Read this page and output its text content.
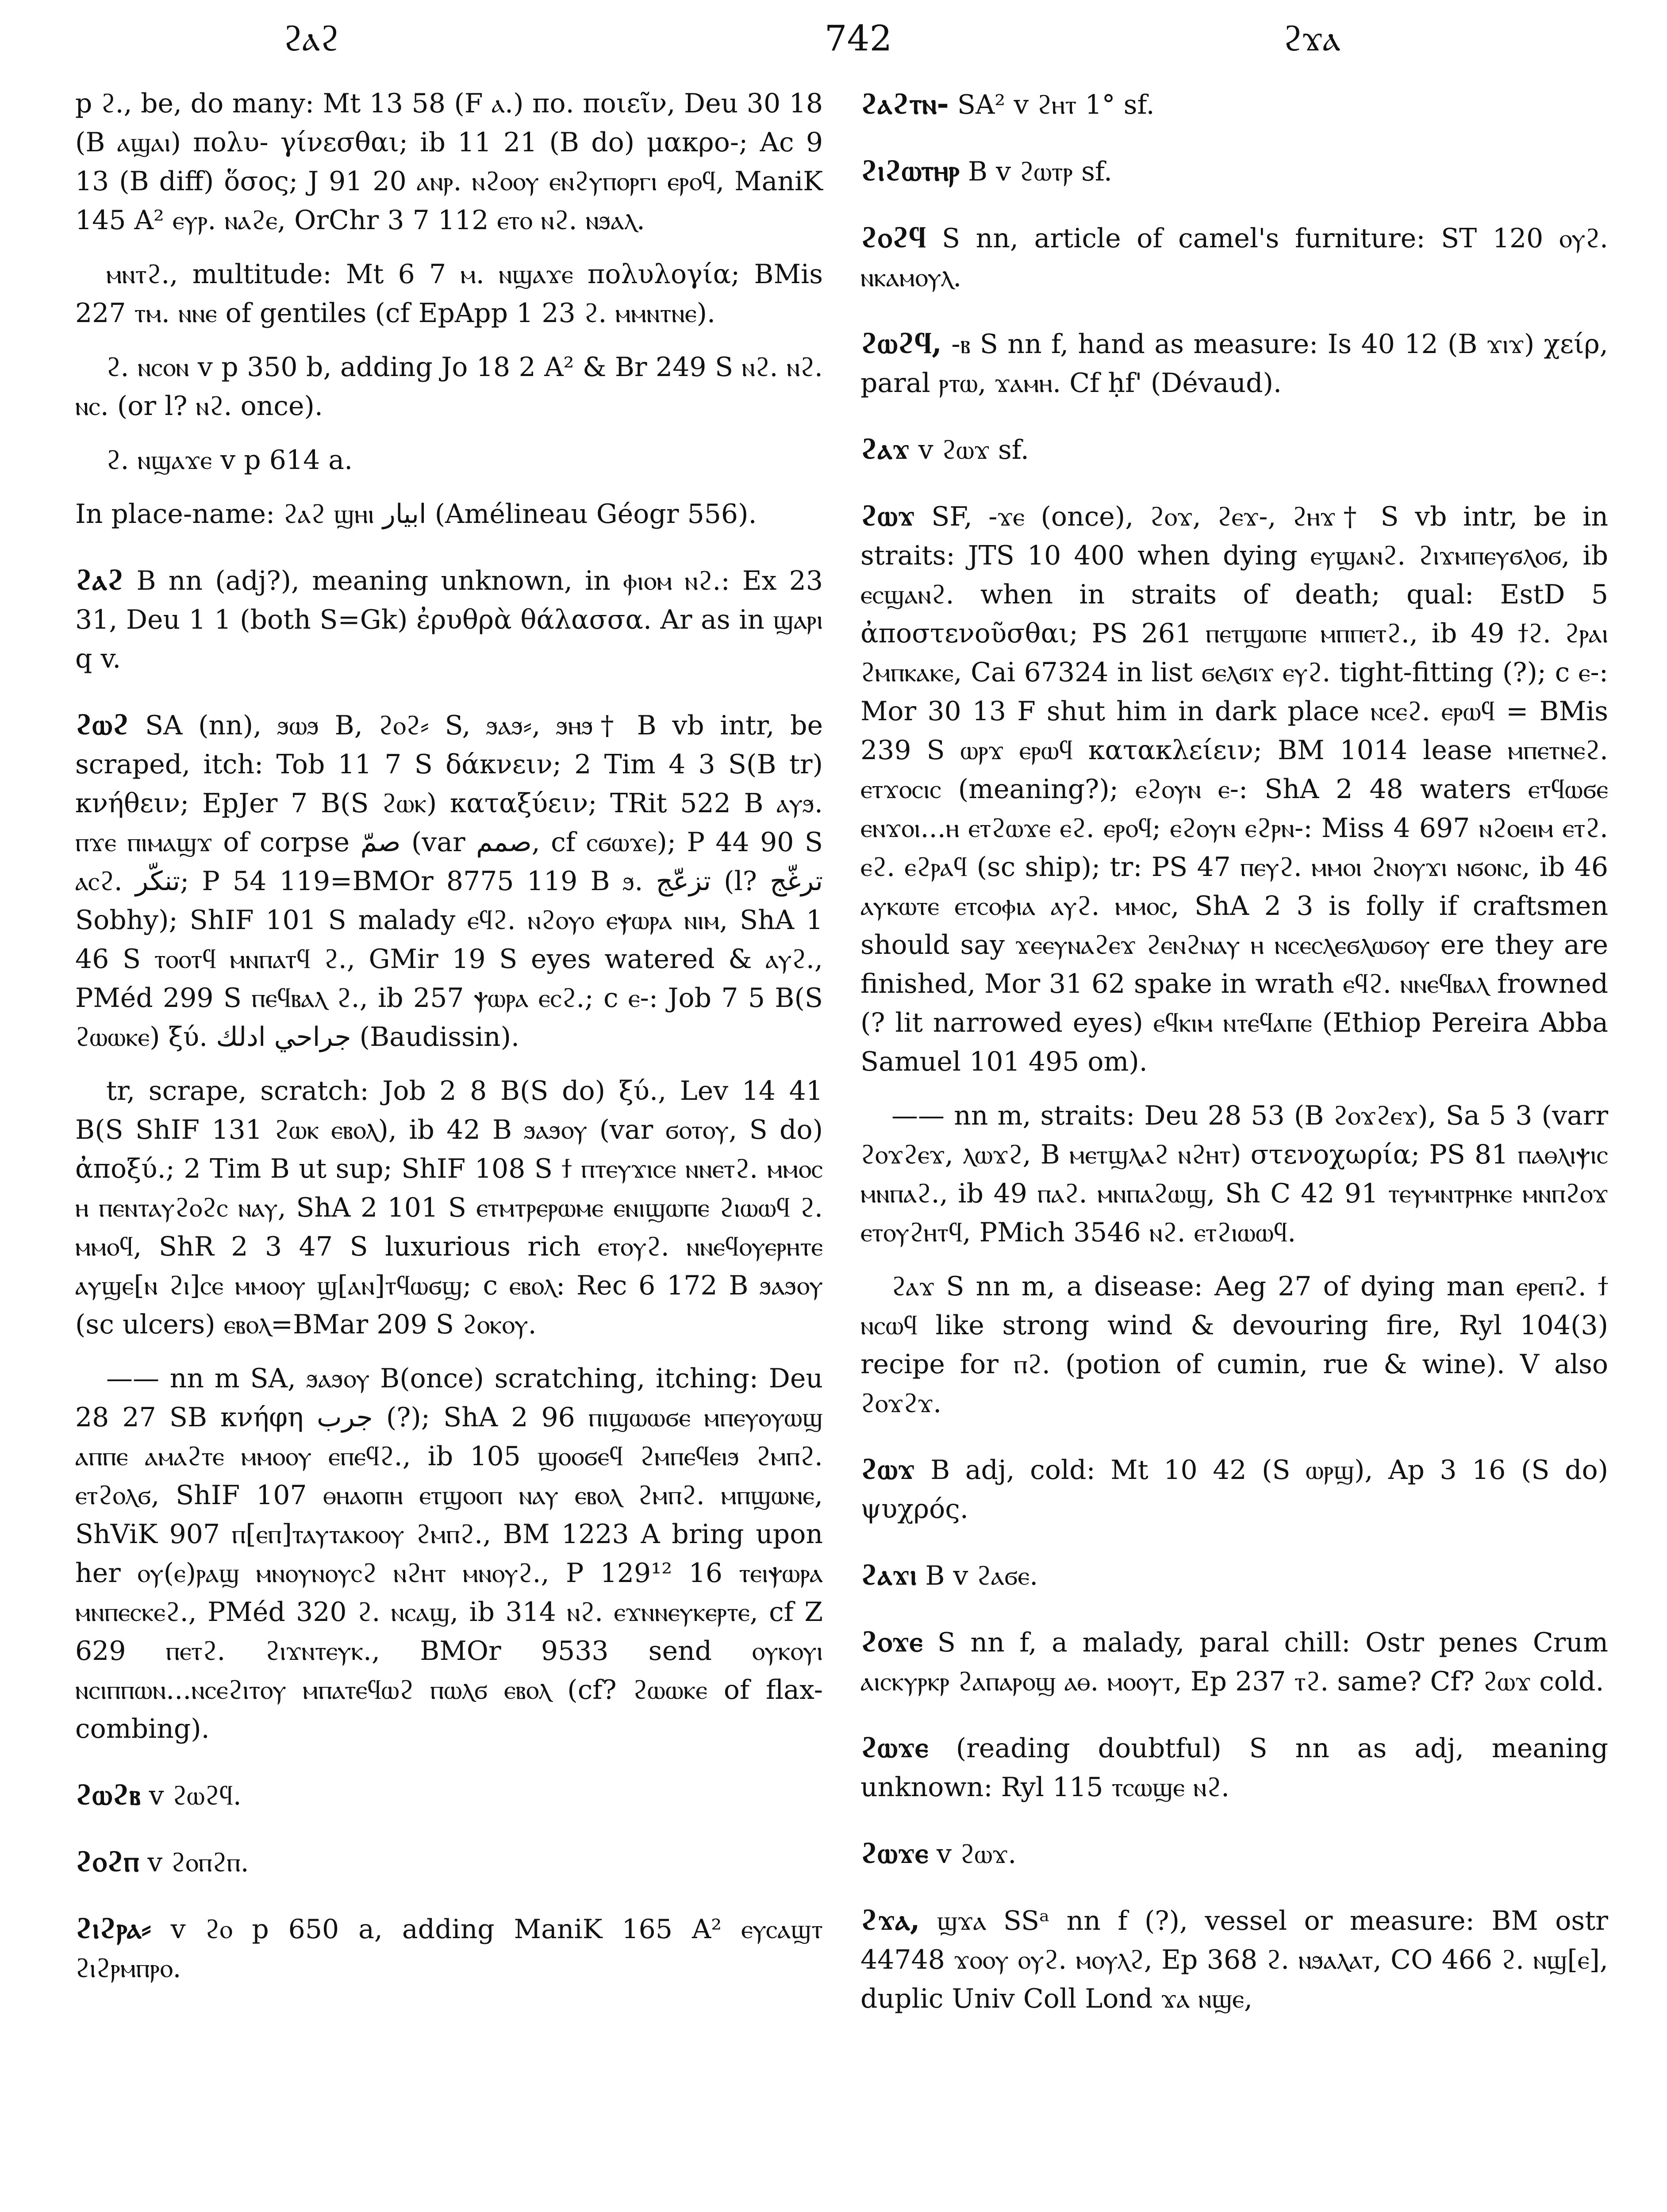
ϩⲁϩ	742	ϩϫⲁ

p ϩ., be, do many: Mt 13 58 (F ⲁ.) πο. ποιεῖν, Deu 30 18 (B ⲁϣⲁⲓ) πολυ- γίνεσθαι; ib 11 21 (B do) μακρο-; Ac 9 13 (B diff) ὅσος; J 91 20 ⲁⲛⲣ. ⲛϩⲟⲟⲩ ⲉⲛϩⲩⲡⲟⲣⲅⲓ ⲉⲣⲟϥ, ManiK 145 A² ⲉⲩⲣ. ⲛⲁϩⲉ, OrChr 3 7 112 ⲉⲧⲟ ⲛϩ. ⲛϧⲁⲗ.

ⲙⲛⲧϩ., multitude: Mt 6 7 ⲙ. ⲛϣⲁϫⲉ πολυλογία; BMis 227 ⲧⲙ. ⲛⲛⲉ of gentiles (cf EpApp 1 23 ϩ. ⲙⲙⲛⲧⲛⲉ).

ϩ. ⲛⲥⲟⲛ v p 350 b, adding Jo 18 2 A² & Br 249 S ⲛϩ. ⲛϩ. ⲛⲥ. (or l? ⲛϩ. once).

ϩ. ⲛϣⲁϫⲉ v p 614 a.

In place-name: ϩⲁϩ ϣⲏⲓ ابيار (Amélineau Géogr 556).

ϩⲁϩ B nn (adj?), meaning unknown, in ⲫⲓⲟⲙ ⲛϩ.: Ex 23 31, Deu 1 1 (both S=Gk) ἐρυθρὰ θάλασσα. Ar as in ϣⲁⲣⲓ q v.

ϩⲱϩ SA (nn), ϧⲱϧ B, ϩⲟϩ⸗ S, ϧⲁϧ⸗, ϧⲏϧ† B vb intr, be scraped, itch: Tob 11 7 S δάκνειν; 2 Tim 4 3 S(B tr) κνήθειν; EpJer 7 B(S ϩⲱⲕ) καταξύειν; TRit 522 B ⲁⲩϧ. ⲡϫⲉ ⲡⲓⲙⲁϣϫ of corpse صمّ (var صمم, cf ⲥϭⲱϫⲉ); P 44 90 S ⲁⲥϩ. تنكّر; P 54 119=BMOr 8775 119 B ϧ. تزعّج (l? ترغّج Sobhy); ShIF 101 S malady ⲉϥϩ. ⲛϩⲟⲩⲟ ⲉⲯⲱⲣⲁ ⲛⲓⲙ, ShA 1 46 S ⲧⲟⲟⲧϥ ⲙⲛⲡⲁⲧϥ ϩ., GMir 19 S eyes watered & ⲁⲩϩ., PMéd 299 S ⲡⲉϥⲃⲁⲗ ϩ., ib 257 ⲯⲱⲣⲁ ⲉⲥϩ.; c ⲉ-: Job 7 5 B(S ϩⲱⲱⲕⲉ) ξύ. جراحي ادلك (Baudissin).

tr, scrape, scratch: Job 2 8 B(S do) ξύ., Lev 14 41 B(S ShIF 131 ϩⲱⲕ ⲉⲃⲟⲗ), ib 42 B ϧⲁϧⲟⲩ (var ϭⲟⲧⲟⲩ, S do) ἀποξύ.; 2 Tim B ut sup; ShIF 108 S ϯ ⲡⲧⲉⲩϫⲓⲥⲉ ⲛⲛⲉⲧϩ. ⲙⲙⲟⲥ ⲏ ⲡⲉⲛⲧⲁⲩϩⲟϩⲥ ⲛⲁⲩ, ShA 2 101 S ⲉⲧⲙⲧⲣⲉⲣⲱⲙⲉ ⲉⲛⲓϣⲱⲡⲉ ϩⲓⲱⲱϥ ϩ. ⲙⲙⲟϥ, ShR 2 3 47 S luxurious rich ⲉⲧⲟⲩϩ. ⲛⲛⲉϥⲟⲩⲉⲣⲏⲧⲉ ⲁⲩϣⲉ[ⲛ ϩⲓ]ⲥⲉ ⲙⲙⲟⲟⲩ ϣ[ⲁⲛ]ⲧϥⲱϭϣ; c ⲉⲃⲟⲗ: Rec 6 172 B ϧⲁϧⲟⲩ (sc ulcers) ⲉⲃⲟⲗ=BMar 209 S ϩⲟⲕⲟⲩ.

—— nn m SA, ϧⲁϧⲟⲩ B(once) scratching, itching: Deu 28 27 SB κνήφη جرب (?); ShA 2 96 ⲡⲓϣⲱⲱϭⲉ ⲙⲡⲉⲩⲟⲩⲱϣ ⲁⲡⲡⲉ ⲁⲙⲁϩⲧⲉ ⲙⲙⲟⲟⲩ ⲉⲡⲉϥϩ., ib 105 ϣⲟⲟϭⲉϥ ϩⲙⲡⲉϥⲉⲓϧ ϩⲙⲡϩ. ⲉⲧϩⲟⲗϭ, ShIF 107 ⲑⲏⲁⲟⲡⲏ ⲉⲧϣⲟⲟⲡ ⲛⲁⲩ ⲉⲃⲟⲗ ϩⲙⲡϩ. ⲙⲡϣⲱⲛⲉ, ShViK 907 ⲡ[ⲉⲡ]ⲧⲁⲩⲧⲁⲕⲟⲟⲩ ϩⲙⲡϩ., BM 1223 A bring upon her ⲟⲩ(ⲉ)ⲣⲁϣ ⲙⲛⲟⲩⲛⲟⲩⲥϩ ⲛϩⲏⲧ ⲙⲛⲟⲩϩ., P 129¹² 16 ⲧⲉⲓⲯⲱⲣⲁ ⲙⲛⲡⲉⲥⲕⲉϩ., PMéd 320 ϩ. ⲛⲥⲁϣ, ib 314 ⲛϩ. ⲉϫⲛⲛⲉⲩⲕⲉⲣⲧⲉ, cf Z 629 ⲡⲉⲧϩ. ϩⲓϫⲛⲧⲉⲩⲕ., BMOr 9533 send ⲟⲩⲕⲟⲩⲓ ⲛⲥⲓⲡⲡⲱⲛ...ⲛⲥⲉϩⲓⲧⲟⲩ ⲙⲡⲁⲧⲉϥⲱϩ ⲡⲱⲗϭ ⲉⲃⲟⲗ (cf? ϩⲱⲱⲕⲉ of flax-combing).

ϩⲱϩⲃ v ϩⲱϩϥ.

ϩⲟϩⲡ v ϩⲟⲡϩⲡ.

ϩⲓϩⲣⲁ⸗ v ϩⲟ p 650 a, adding ManiK 165 A² ⲉⲩⲥⲁϣⲧ ϩⲓϩⲣⲙⲡⲣⲟ.

ϩⲁϩⲧⲛ- SA² v ϩⲏⲧ 1° sf.

ϩⲓϩⲱⲧⲏⲣ B v ϩⲱⲧⲣ sf.

ϩⲟϩϥ S nn, article of camel's furniture: ST 120 ⲟⲩϩ. ⲛⲕⲁⲙⲟⲩⲗ.

ϩⲱϩϥ, -ⲃ S nn f, hand as measure: Is 40 12 (B ϫⲓϫ) χείρ, paral ⲣⲧⲱ, ϫⲁⲙⲏ. Cf ḥf' (Dévaud).

ϩⲁϫ v ϩⲱϫ sf.

ϩⲱϫ SF, -ϫⲉ (once), ϩⲟϫ, ϩⲉϫ-, ϩⲏϫ† S vb intr, be in straits: JTS 10 400 when dying ⲉⲩϣⲁⲛϩ. ϩⲓϫⲙⲡⲉⲩϭⲗⲟϭ, ib ⲉⲥϣⲁⲛϩ. when in straits of death; qual: EstD 5 ἀποστενοῦσθαι; PS 261 ⲡⲉⲧϣⲱⲡⲉ ⲙⲡⲡⲉⲧϩ., ib 49 ϯϩ. ϩⲣⲁⲓ ϩⲙⲡⲕⲁⲕⲉ, Cai 67324 in list ϭⲉⲗϭⲓϫ ⲉⲩϩ. tight-fitting (?); c ⲉ-: Mor 30 13 F shut him in dark place ⲛⲥⲉϩ. ⲉⲣⲱϥ = BMis 239 S ⲱⲣϫ ⲉⲣⲱϥ κατακλείειν; BM 1014 lease ⲙⲡⲉⲧⲛⲉϩ. ⲉⲧϫⲟⲥⲓⲥ (meaning?); ⲉϩⲟⲩⲛ ⲉ-: ShA 2 48 waters ⲉⲧϥⲱϭⲉ ⲉⲛϫⲟⲓ...ⲏ ⲉⲧϩⲱϫⲉ ⲉϩ. ⲉⲣⲟϥ; ⲉϩⲟⲩⲛ ⲉϩⲣⲛ-: Miss 4 697 ⲛϩⲟⲉⲓⲙ ⲉⲧϩ. ⲉϩ. ⲉϩⲣⲁϥ (sc ship); tr: PS 47 ⲡⲉⲩϩ. ⲙⲙⲟⲓ ϩⲛⲟⲩϫⲓ ⲛϭⲟⲛⲥ, ib 46 ⲁⲩⲕⲱⲧⲉ ⲉⲧⲥⲟⲫⲓⲁ ⲁⲩϩ. ⲙⲙⲟⲥ, ShA 2 3 is folly if craftsmen should say ϫⲉⲉⲩⲛⲁϩⲉϫ ϩⲉⲛϩⲛⲁⲩ ⲏ ⲛⲥⲉⲥⲗⲉϭⲗⲱϭⲟⲩ ere they are finished, Mor 31 62 spake in wrath ⲉϥϩ. ⲛⲛⲉϥⲃⲁⲗ frowned (? lit narrowed eyes) ⲉϥⲕⲓⲙ ⲛⲧⲉϥⲁⲡⲉ (Ethiop Pereira Abba Samuel 101 495 om).

—— nn m, straits: Deu 28 53 (B ϩⲟϫϩⲉϫ), Sa 5 3 (varr ϩⲟϫϩⲉϫ, ⲗⲱϫϩ, B ⲙⲉⲧϣⲗⲁϩ ⲛϩⲏⲧ) στενοχωρία; PS 81 ⲡⲁⲑⲗⲓⲯⲓⲥ ⲙⲛⲡⲁϩ., ib 49 ⲡⲁϩ. ⲙⲛⲡⲁϩⲱϣ, Sh C 42 91 ⲧⲉⲩⲙⲛⲧⲣⲏⲕⲉ ⲙⲛⲡϩⲟϫ ⲉⲧⲟⲩϩⲏⲧϥ, PMich 3546 ⲛϩ. ⲉⲧϩⲓⲱⲱϥ.

ϩⲁϫ S nn m, a disease: Aeg 27 of dying man ⲉⲣⲉⲡϩ. ϯ ⲛⲥⲱϥ like strong wind & devouring fire, Ryl 104(3) recipe for ⲡϩ. (potion of cumin, rue & wine). V also ϩⲟϫϩϫ.

ϩⲱϫ B adj, cold: Mt 10 42 (S ⲱⲣϣ), Ap 3 16 (S do) ψυχρός.

ϩⲁϫⲓ B v ϩⲁϭⲉ.

ϩⲟϫⲉ S nn f, a malady, paral chill: Ostr penes Crum ⲁⲓⲥⲕⲩⲣⲕⲣ ϩⲁⲡⲁⲣⲟϣ ⲁⲑ. ⲙⲟⲟⲩⲧ, Ep 237 ⲧϩ. same? Cf? ϩⲱϫ cold.

ϩⲱϫⲉ (reading doubtful) S nn as adj, meaning unknown: Ryl 115 ⲧⲥⲱϣⲉ ⲛϩ.

ϩⲱϫⲉ v ϩⲱϫ.

ϩϫⲁ, ϣϫⲁ SSᵃ nn f (?), vessel or measure: BM ostr 44748 ϫⲟⲟⲩ ⲟⲩϩ. ⲙⲟⲩⲗϩ, Ep 368 ϩ. ⲛϧⲁⲗⲁⲧ, CO 466 ϩ. ⲛϣ[ⲉ], duplic Univ Coll Lond ϫⲁ ⲛϣⲉ,
